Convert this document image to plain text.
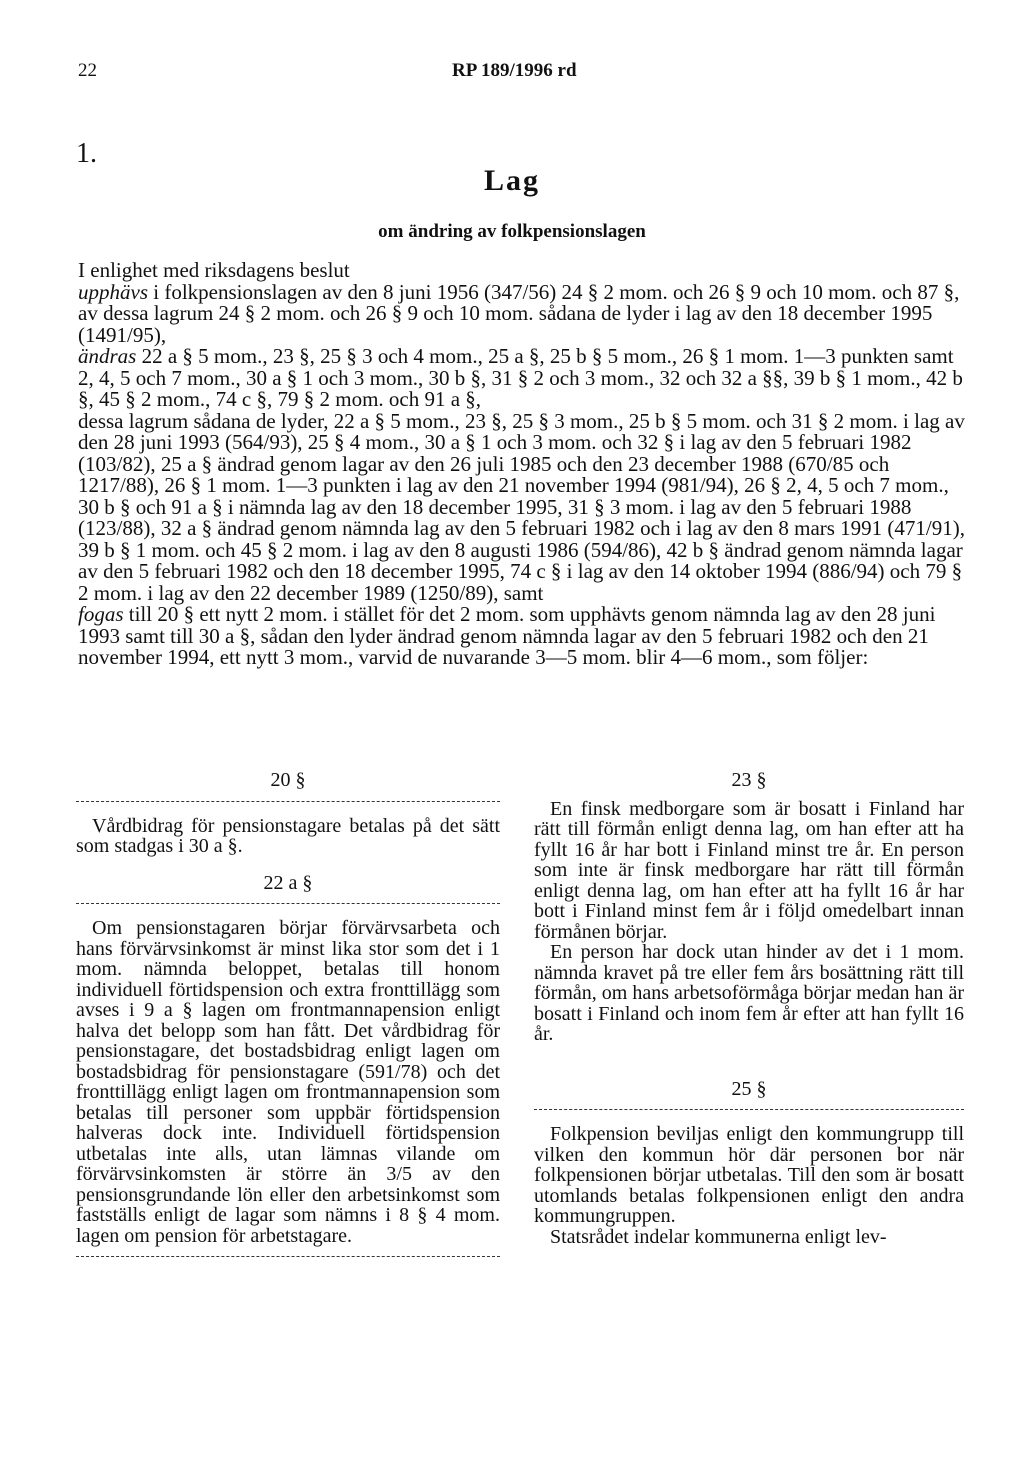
22	RP 189/1996 rd
1.
Lag
om ändring av folkpensionslagen

I enlighet med riksdagens beslut

upphävs i folkpensionslagen av den 8 juni 1956 (347/56) 24 § 2 mom. och 26 § 9 och 10 mom. och 87 §,

av dessa lagrum 24 § 2 mom. och 26 § 9 och 10 mom. sådana de lyder i lag av den 18 december 1995 (1491/95),

ändras 22 a § 5 mom., 23 §, 25 § 3 och 4 mom., 25 a §, 25 b § 5 mom., 26 § 1 mom. 1—3 punkten samt 2, 4, 5 och 7 mom., 30 a § 1 och 3 mom., 30 b §, 31 § 2 och 3 mom., 32 och 32 a §§, 39 b § 1 mom., 42 b §, 45 § 2 mom., 74 c §, 79 § 2 mom. och 91 a §,

dessa lagrum sådana de lyder, 22 a § 5 mom., 23 §, 25 § 3 mom., 25 b § 5 mom. och 31 § 2 mom. i lag av den 28 juni 1993 (564/93), 25 § 4 mom., 30 a § 1 och 3 mom. och 32 § i lag av den 5 februari 1982 (103/82), 25 a § ändrad genom lagar av den 26 juli 1985 och den 23 december 1988 (670/85 och 1217/88), 26 § 1 mom. 1—3 punkten i lag av den 21 november 1994 (981/94), 26 § 2, 4, 5 och 7 mom., 30 b § och 91 a § i nämnda lag av den 18 december 1995, 31 § 3 mom. i lag av den 5 februari 1988 (123/88), 32 a § ändrad genom nämnda lag av den 5 februari 1982 och i lag av den 8 mars 1991 (471/91), 39 b § 1 mom. och 45 § 2 mom. i lag av den 8 augusti 1986 (594/86), 42 b § ändrad genom nämnda lagar av den 5 februari 1982 och den 18 december 1995, 74 c § i lag av den 14 oktober 1994 (886/94) och 79 § 2 mom. i lag av den 22 december 1989 (1250/89), samt

fogas till 20 § ett nytt 2 mom. i stället för det 2 mom. som upphävts genom nämnda lag av den 28 juni 1993 samt till 30 a §, sådan den lyder ändrad genom nämnda lagar av den 5 februari 1982 och den 21 november 1994, ett nytt 3 mom., varvid de nuvarande 3—5 mom. blir 4—6 mom., som följer:

20 §

Vårdbidrag för pensionstagare betalas på det sätt som stadgas i 30 a §.

22 a §

Om pensionstagaren börjar förvärvsarbeta och hans förvärvsinkomst är minst lika stor som det i 1 mom. nämnda beloppet, betalas till honom individuell förtidspension och extra fronttillägg som avses i 9 a § lagen om frontmannapension enligt halva det belopp som han fått. Det vårdbidrag för pensionstagare, det bostadsbidrag enligt lagen om bostadsbidrag för pensionstagare (591/78) och det fronttillägg enligt lagen om frontmannapension som betalas till personer som uppbär förtidspension halveras dock inte. Individuell förtidspension utbetalas inte alls, utan lämnas vilande om förvärvsinkomsten är större än 3/5 av den pensionsgrundande lön eller den arbetsinkomst som fastställs enligt de lagar som nämns i 8 § 4 mom. lagen om pension för arbetstagare.

23 §

En finsk medborgare som är bosatt i Finland har rätt till förmån enligt denna lag, om han efter att ha fyllt 16 år har bott i Finland minst tre år. En person som inte är finsk medborgare har rätt till förmån enligt denna lag, om han efter att ha fyllt 16 år har bott i Finland minst fem år i följd omedelbart innan förmånen börjar.

En person har dock utan hinder av det i 1 mom. nämnda kravet på tre eller fem års bosättning rätt till förmån, om hans arbetsoförmåga börjar medan han är bosatt i Finland och inom fem år efter att han fyllt 16 år.

25 §

Folkpension beviljas enligt den kommungrupp till vilken den kommun hör där personen bor när folkpensionen börjar utbetalas. Till den som är bosatt utomlands betalas folkpensionen enligt den andra kommungruppen.

Statsrådet indelar kommunerna enligt lev-
